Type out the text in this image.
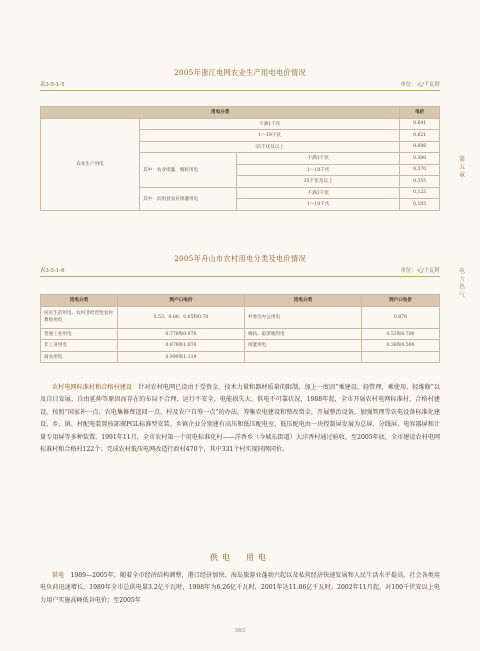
2005年浙江电网农业生产用电电价情况
表3-5-1-5	单位：元/千瓦时
用电分类			电价
农业生产用电	不满1千伏		0.641
	1～10千伏		0.621
	35千伏及以上		0.606
	其中：农业排灌、脱粒用电	不满1千伏	0.390
		1～10千伏	0.370
		35千伏及以上	0.355
	其中：贫困县农业排灌用电	不满1千伏	0.123
		1～10千伏	0.103
2005年舟山市农村用电分类及电价情况
表3-5-1-6	单位：元/千瓦时
用电分类	到户口电价	用电分类	到户口电价
居民生活用电、农村非经营性农村教师用电	0.53、0.60、0.65和0.70	村委会办公用电	0.878
普通工业用电	0.778和0.978	梅轨、取茶脱用电	0.53和0.700
非工业用电	0.878和1.078	排灌用电	0.38和0.500
商业用电	0.999和1.119		
第五章
电力　热气
农村电网标准村和合格村建设　 针对农村电网已设由于受资金、技术力量和器材质量的限制，加上一度因“乘建设、轻管理，乘使用、轻维修”以及自目发展、自由延伸等原因而存在的布局不合理、运行不安全、电能损失大、供电不可靠状况，1988年起，全市开展农村电网标准村、合格村建设。按照“国家补一点、农电集修费返回一点、村及农户自筹一点”的办法，筹集农电建设和整改资金，开展整治设备、加强管理等农电设备标准化建设，乡、镇、村配电装置按部颁PGL标准型安装。乡镇企业分别建有高压和低压配电室，低压配电由一块控制屏发展为总屏、分线屏、电容器屏和计量专用屏等多种装置。1991年11月，全市农村第一个用电标准化村——洋香乡（今城东街道）大洋香村通过验收。至2005年底，全市建设农村电网标准村和合格村122个；完成农村低压电网改造行政村470个，其中331个村实现同网同价。
供电　用电
供电　 1989—2005年，随着全市经济结构调整，港口经济加快、海岛旅游业蓬勃兴起以及私营经济快速发展和人民生活水平提高，社会各类用电负荷迅速增长，1989年全市总供电量3.2亿千瓦时，1998年为6.26亿千瓦时，2001年达11.86亿千瓦时。2002年11月起，对100千伏安以上电力用户实施高峰低谷电价；至2005年
563
